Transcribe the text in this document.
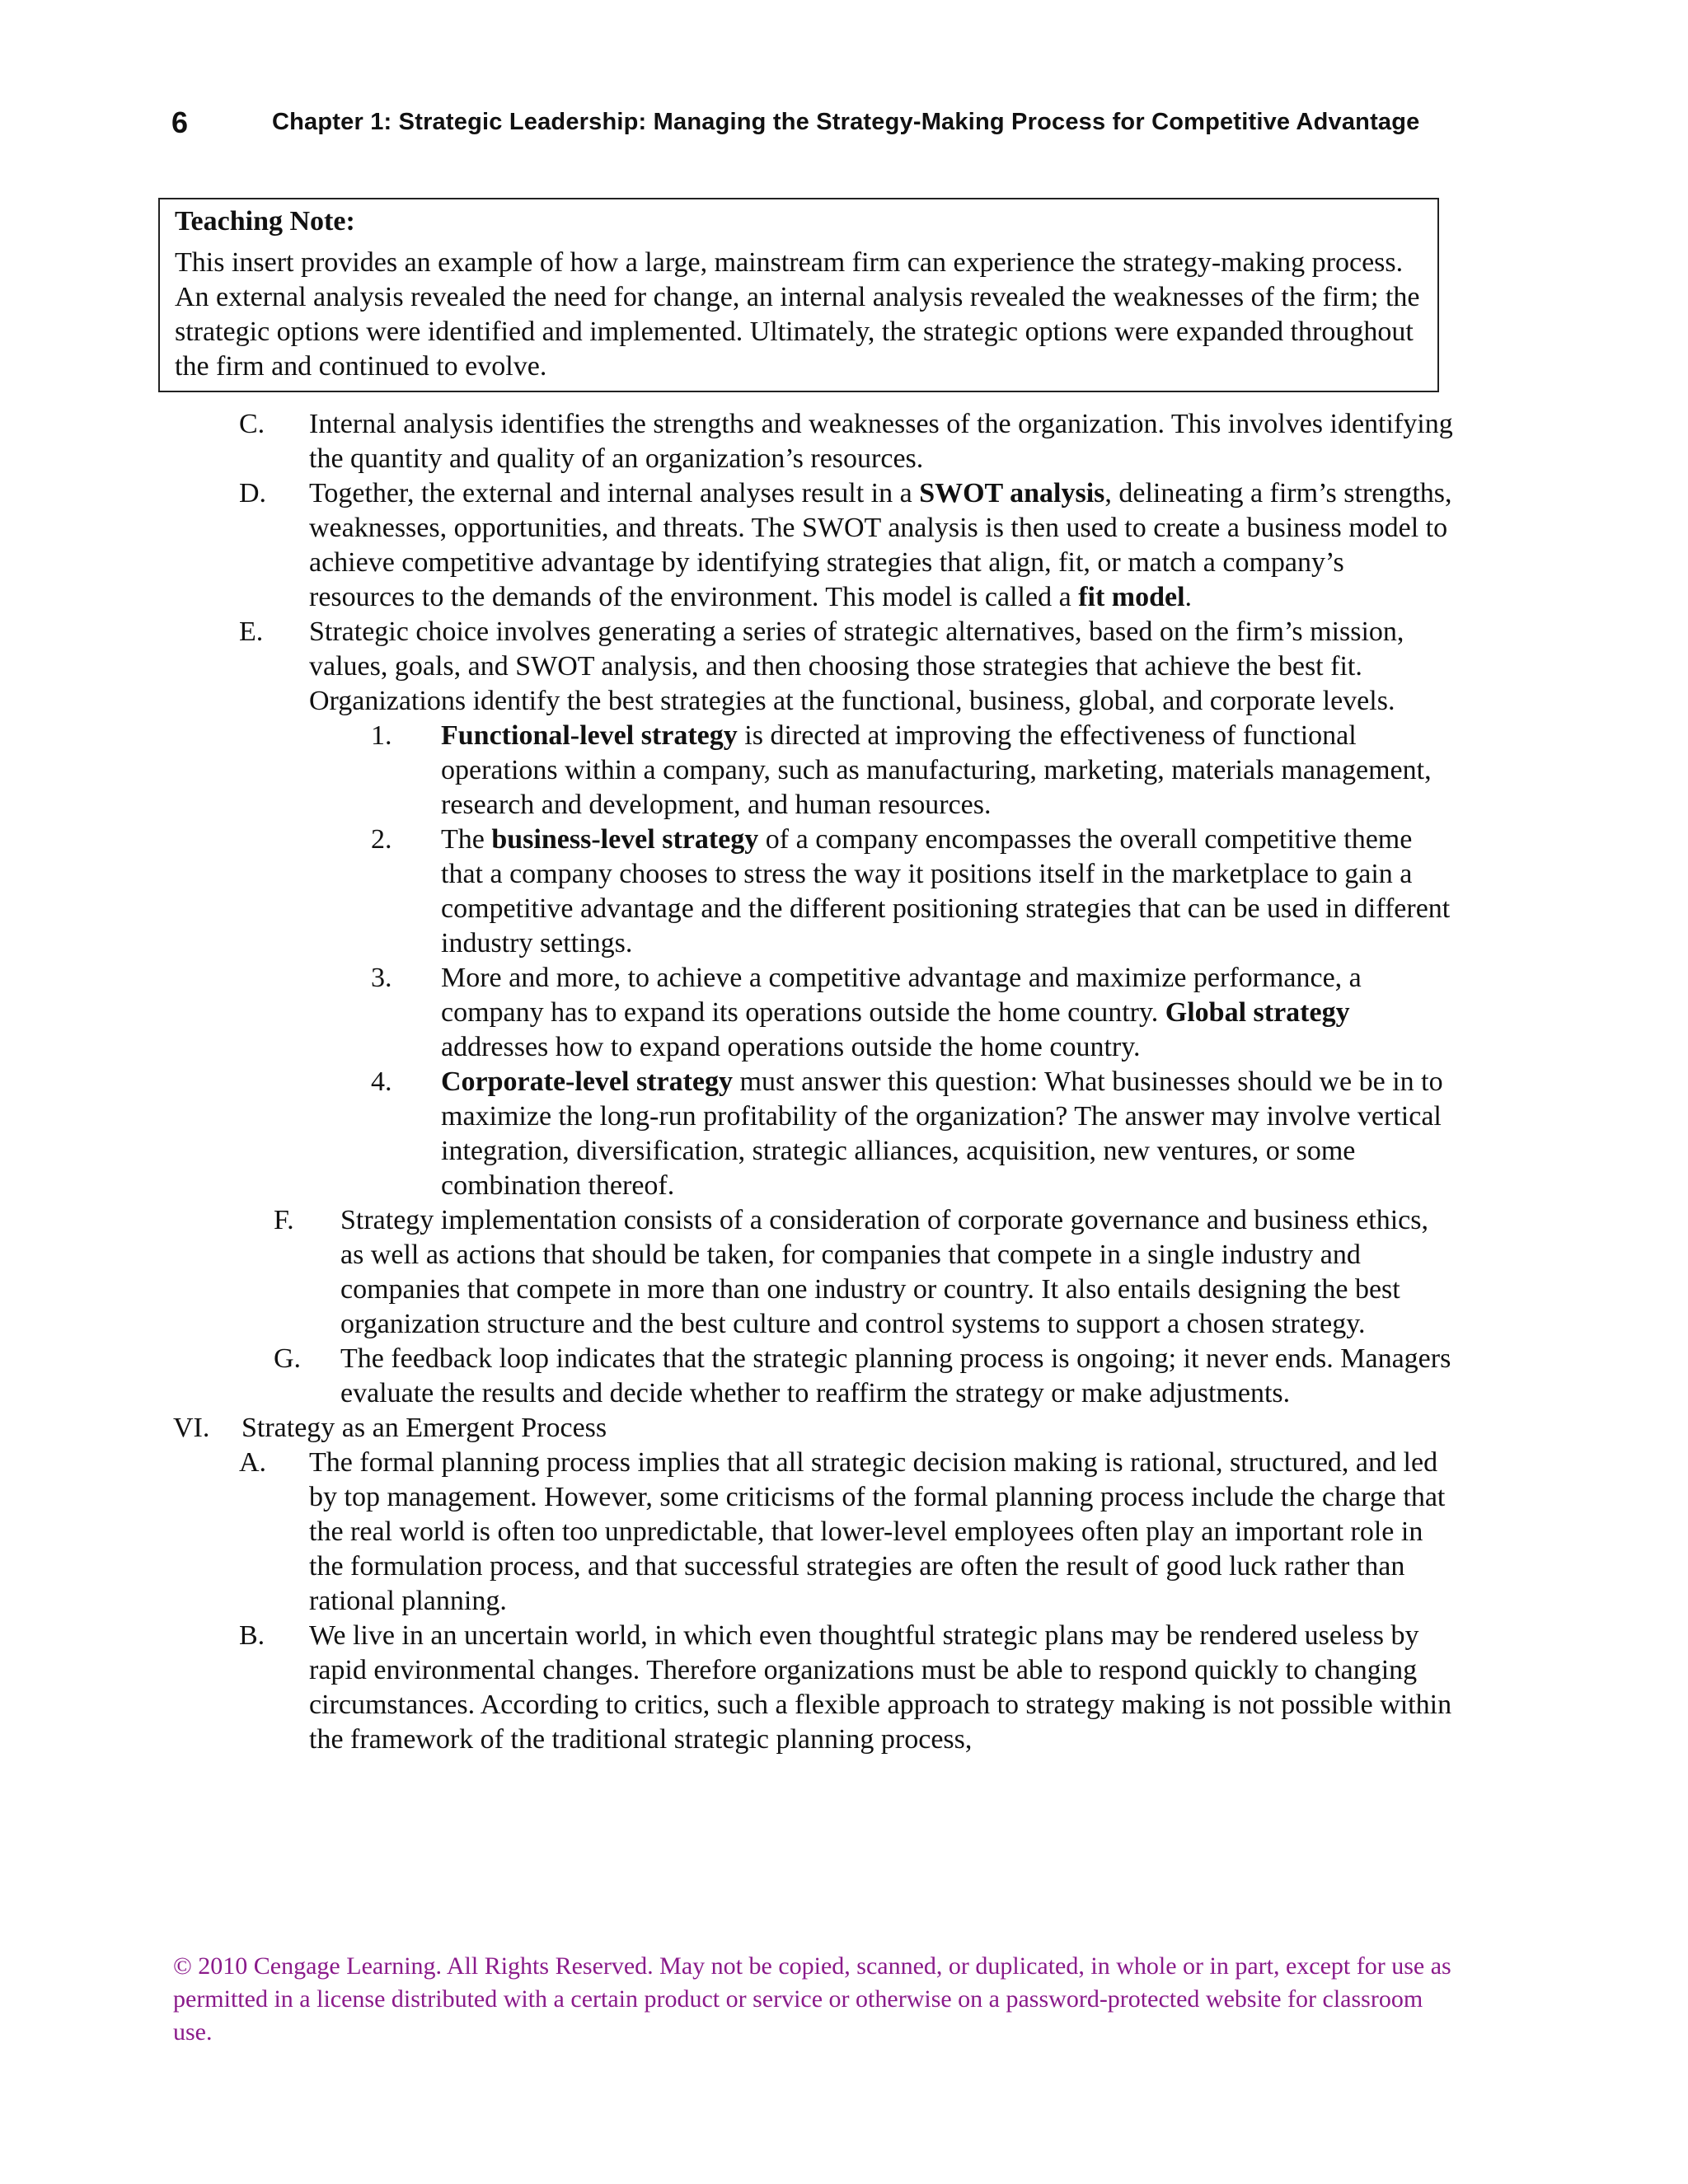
6	Chapter 1: Strategic Leadership: Managing the Strategy-Making Process for Competitive Advantage
Teaching Note:
This insert provides an example of how a large, mainstream firm can experience the strategy-making process. An external analysis revealed the need for change, an internal analysis revealed the weaknesses of the firm; the strategic options were identified and implemented. Ultimately, the strategic options were expanded throughout the firm and continued to evolve.
C. Internal analysis identifies the strengths and weaknesses of the organization. This involves identifying the quantity and quality of an organization’s resources.
D. Together, the external and internal analyses result in a SWOT analysis, delineating a firm’s strengths, weaknesses, opportunities, and threats. The SWOT analysis is then used to create a business model to achieve competitive advantage by identifying strategies that align, fit, or match a company’s resources to the demands of the environment. This model is called a fit model.
E. Strategic choice involves generating a series of strategic alternatives, based on the firm’s mission, values, goals, and SWOT analysis, and then choosing those strategies that achieve the best fit. Organizations identify the best strategies at the functional, business, global, and corporate levels.
1. Functional-level strategy is directed at improving the effectiveness of functional operations within a company, such as manufacturing, marketing, materials management, research and development, and human resources.
2. The business-level strategy of a company encompasses the overall competitive theme that a company chooses to stress the way it positions itself in the marketplace to gain a competitive advantage and the different positioning strategies that can be used in different industry settings.
3. More and more, to achieve a competitive advantage and maximize performance, a company has to expand its operations outside the home country. Global strategy addresses how to expand operations outside the home country.
4. Corporate-level strategy must answer this question: What businesses should we be in to maximize the long-run profitability of the organization? The answer may involve vertical integration, diversification, strategic alliances, acquisition, new ventures, or some combination thereof.
F. Strategy implementation consists of a consideration of corporate governance and business ethics, as well as actions that should be taken, for companies that compete in a single industry and companies that compete in more than one industry or country. It also entails designing the best organization structure and the best culture and control systems to support a chosen strategy.
G. The feedback loop indicates that the strategic planning process is ongoing; it never ends. Managers evaluate the results and decide whether to reaffirm the strategy or make adjustments.
VI. Strategy as an Emergent Process
A. The formal planning process implies that all strategic decision making is rational, structured, and led by top management. However, some criticisms of the formal planning process include the charge that the real world is often too unpredictable, that lower-level employees often play an important role in the formulation process, and that successful strategies are often the result of good luck rather than rational planning.
B. We live in an uncertain world, in which even thoughtful strategic plans may be rendered useless by rapid environmental changes. Therefore organizations must be able to respond quickly to changing circumstances. According to critics, such a flexible approach to strategy making is not possible within the framework of the traditional strategic planning process,
© 2010 Cengage Learning. All Rights Reserved. May not be copied, scanned, or duplicated, in whole or in part, except for use as permitted in a license distributed with a certain product or service or otherwise on a password-protected website for classroom use.
